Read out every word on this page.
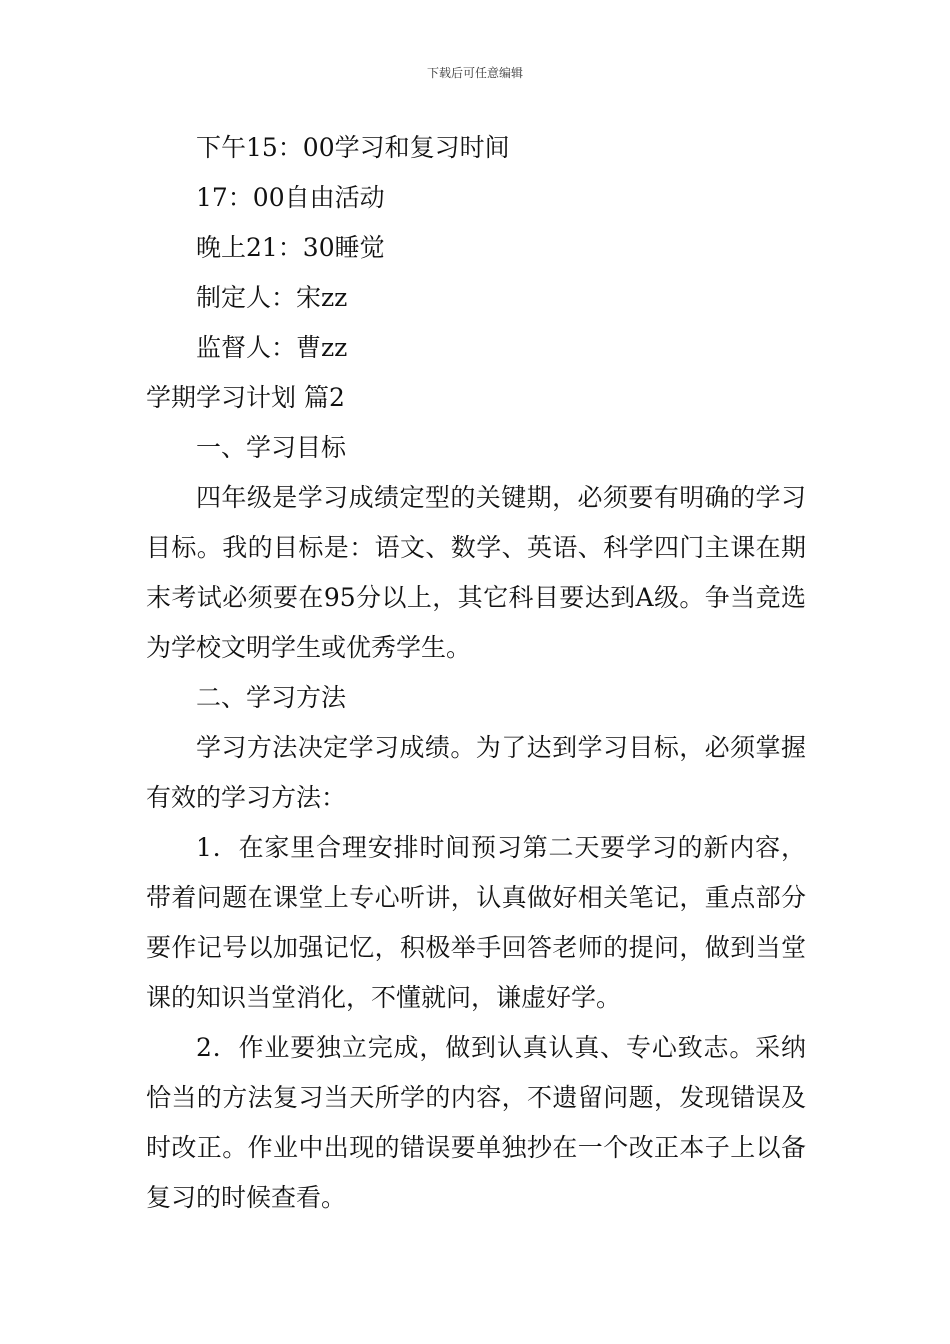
下载后可任意编辑
下午15：00学习和复习时间
17：00自由活动
晚上21：30睡觉
制定人：宋zz
监督人：曹zz
学期学习计划 篇2
一、学习目标

四年级是学习成绩定型的关键期，必须要有明确的学习目标。我的目标是：语文、数学、英语、科学四门主课在期末考试必须要在95分以上，其它科目要达到A级。争当竞选为学校文明学生或优秀学生。

二、学习方法

学习方法决定学习成绩。为了达到学习目标，必须掌握有效的学习方法：

1．在家里合理安排时间预习第二天要学习的新内容，带着问题在课堂上专心听讲，认真做好相关笔记，重点部分要作记号以加强记忆，积极举手回答老师的提问，做到当堂课的知识当堂消化，不懂就问，谦虚好学。

2．作业要独立完成，做到认真认真、专心致志。采纳恰当的方法复习当天所学的内容，不遗留问题，发现错误及时改正。作业中出现的错误要单独抄在一个改正本子上以备复习的时候查看。
